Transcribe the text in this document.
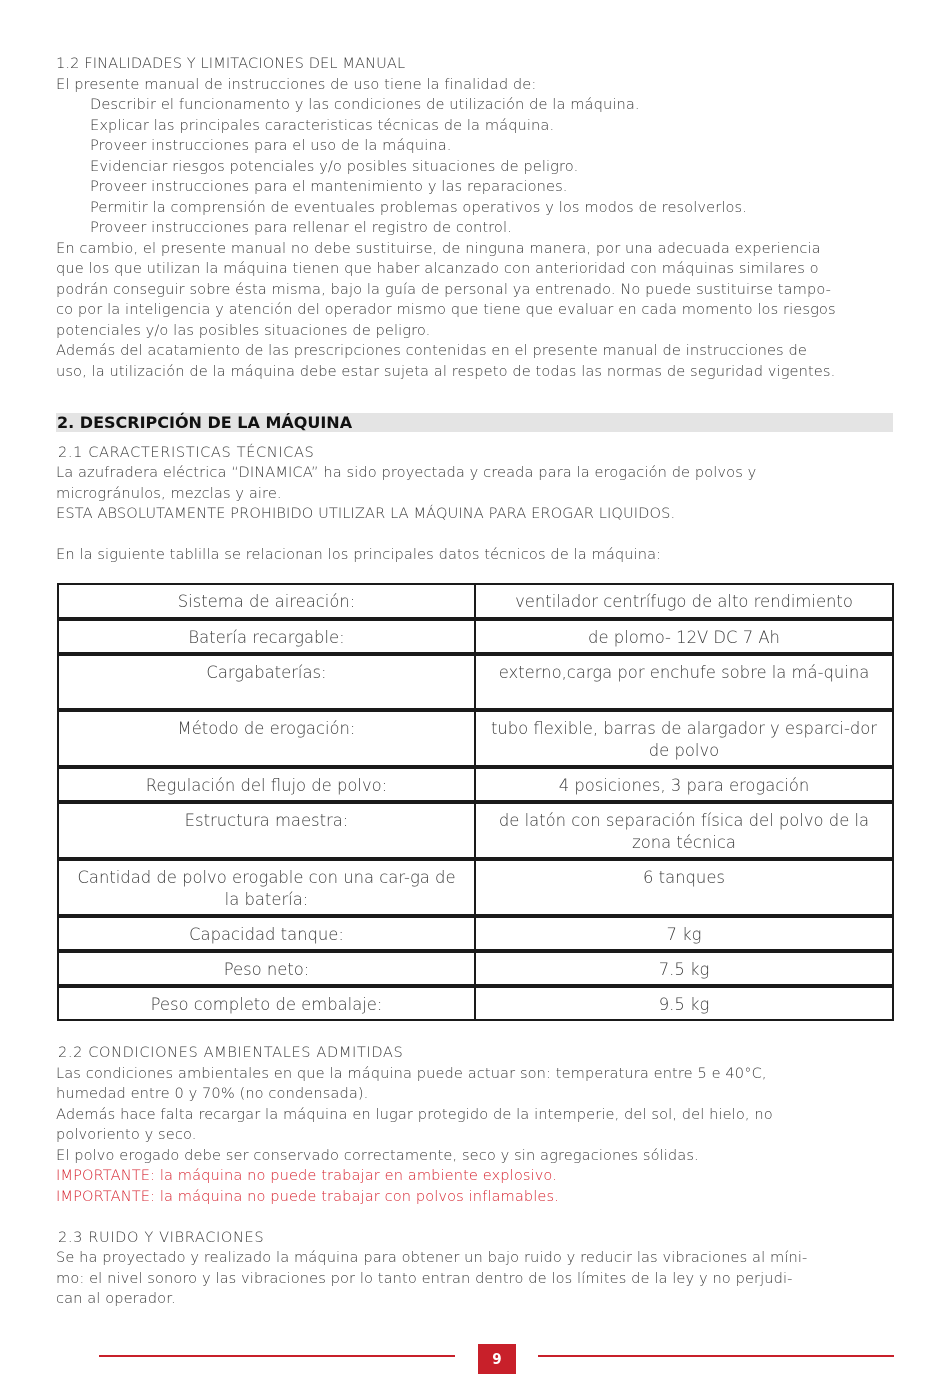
1.2 FINALIDADES Y LIMITACIONES DEL MANUAL
El presente manual de instrucciones de uso tiene la finalidad de:
Describir el funcionamento y las condiciones de utilización de la máquina.
Explicar las principales caracteristicas técnicas de la máquina.
Proveer instrucciones para el uso de la máquina.
Evidenciar riesgos potenciales y/o posibles situaciones de peligro.
Proveer instrucciones para el mantenimiento y las reparaciones.
Permitir la comprensión de eventuales problemas operativos y los modos de resolverlos.
Proveer instrucciones para rellenar el registro de control.
En cambio, el presente manual no debe sustituirse, de ninguna manera, por una adecuada experiencia
que los que utilizan la máquina tienen que haber alcanzado con anterioridad con máquinas similares o
podrán conseguir sobre ésta misma, bajo la guía de personal ya entrenado. No puede sustituirse tampo-
co por la inteligencia y atención del operador mismo que tiene que evaluar en cada momento los riesgos
potenciales y/o las posibles situaciones de peligro.
Además del acatamiento de las prescripciones contenidas en el presente manual de instrucciones de
uso, la utilización de la máquina debe estar sujeta al respeto de todas las normas de seguridad vigentes.
2. DESCRIPCIÓN DE LA MÁQUINA
2.1 CARACTERISTICAS TÉCNICAS
La azufradera eléctrica “DINAMICA” ha sido proyectada y creada para la erogación de polvos y
microgránulos, mezclas y aire.
ESTA ABSOLUTAMENTE PROHIBIDO UTILIZAR LA MÁQUINA PARA EROGAR LIQUIDOS.
En la siguiente tablilla se relacionan los principales datos técnicos de la máquina:
Sistema de aireación:	ventilador centrífugo de alto rendimiento
Batería recargable:	de plomo- 12V DC 7 Ah
Cargabaterías:	externo,carga por enchufe sobre la má-quina
Método de erogación:	tubo flexible, barras de alargador y esparci-dor de polvo
Regulación del flujo de polvo:	4 posiciones, 3 para erogación
Estructura maestra:	de latón con separación física del polvo de la zona técnica
Cantidad de polvo erogable con una car-ga de la batería:	6 tanques
Capacidad tanque:	7 kg
Peso neto:	7.5 kg
Peso completo de embalaje:	9.5 kg
2.2 CONDICIONES AMBIENTALES ADMITIDAS
Las condiciones ambientales en que la máquina puede actuar son: temperatura entre 5 e 40°C,
humedad entre 0 y 70% (no condensada).
Además hace falta recargar la máquina en lugar protegido de la intemperie, del sol, del hielo, no
polvoriento y seco.
El polvo erogado debe ser conservado correctamente, seco y sin agregaciones sólidas.
IMPORTANTE: la máquina no puede trabajar en ambiente explosivo.
IMPORTANTE: la máquina no puede trabajar con polvos inflamables.
2.3 RUIDO Y VIBRACIONES
Se ha proyectado y realizado la máquina para obtener un bajo ruido y reducir las vibraciones al míni-
mo: el nivel sonoro y las vibraciones por lo tanto entran dentro de los límites de la ley y no perjudi-
can al operador.
9
